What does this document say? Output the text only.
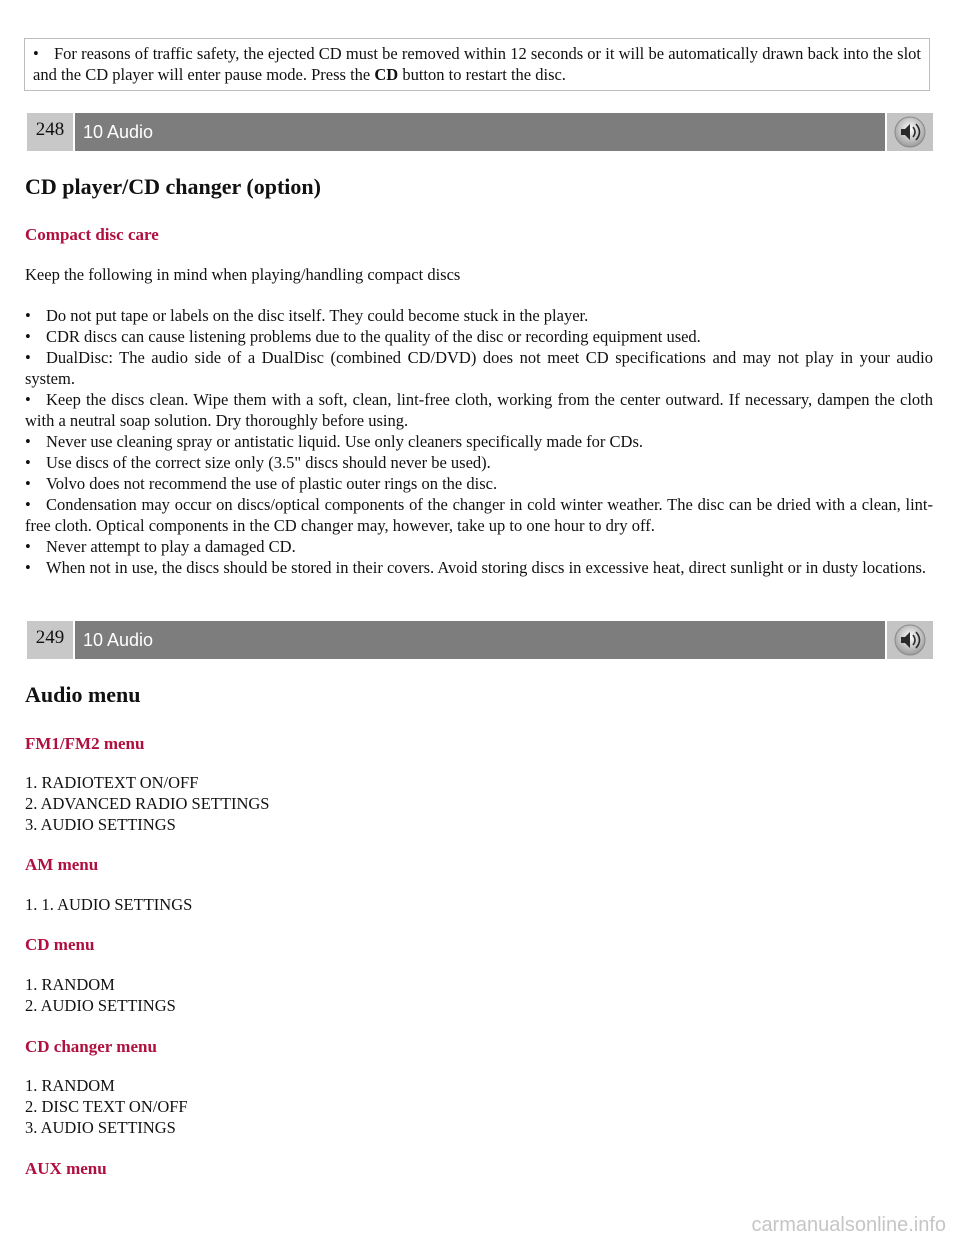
• For reasons of traffic safety, the ejected CD must be removed within 12 seconds or it will be automatically drawn back into the slot and the CD player will enter pause mode. Press the CD button to restart the disc.
248	10 Audio
CD player/CD changer (option)
Compact disc care
Keep the following in mind when playing/handling compact discs
• Do not put tape or labels on the disc itself. They could become stuck in the player.
• CDR discs can cause listening problems due to the quality of the disc or recording equipment used.
• DualDisc: The audio side of a DualDisc (combined CD/DVD) does not meet CD specifications and may not play in your audio system.
• Keep the discs clean. Wipe them with a soft, clean, lint-free cloth, working from the center outward. If necessary, dampen the cloth with a neutral soap solution. Dry thoroughly before using.
• Never use cleaning spray or antistatic liquid. Use only cleaners specifically made for CDs.
• Use discs of the correct size only (3.5" discs should never be used).
• Volvo does not recommend the use of plastic outer rings on the disc.
• Condensation may occur on discs/optical components of the changer in cold winter weather. The disc can be dried with a clean, lint-free cloth. Optical components in the CD changer may, however, take up to one hour to dry off.
• Never attempt to play a damaged CD.
• When not in use, the discs should be stored in their covers. Avoid storing discs in excessive heat, direct sunlight or in dusty locations.
249	10 Audio
Audio menu
FM1/FM2 menu
1. RADIOTEXT ON/OFF
2. ADVANCED RADIO SETTINGS
3. AUDIO SETTINGS
AM menu
1. 1. AUDIO SETTINGS
CD menu
1. RANDOM
2. AUDIO SETTINGS
CD changer menu
1. RANDOM
2. DISC TEXT ON/OFF
3. AUDIO SETTINGS
AUX menu
carmanualsonline.info
